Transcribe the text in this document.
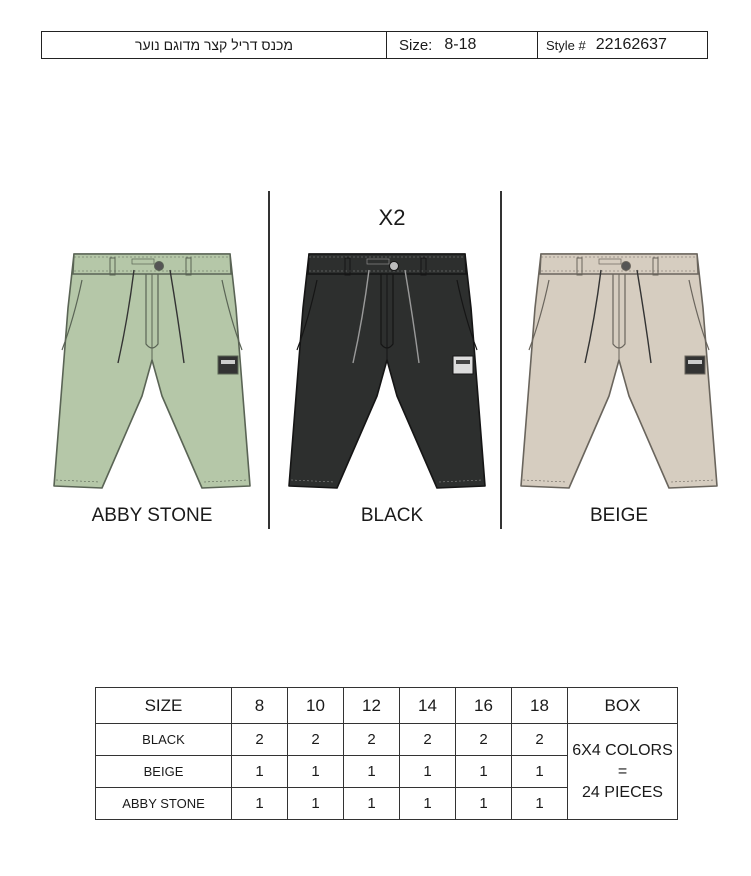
מכנס דריל קצר מדוגם נוער	Size: 8-18	Style # 22162637
X2
ABBY STONE	BLACK	BEIGE
SIZE	8	10	12	14	16	18	BOX
BLACK	2	2	2	2	2	2	6X4 COLORS =
24 PIECES
BEIGE	1	1	1	1	1	1	
ABBY STONE	1	1	1	1	1	1	
